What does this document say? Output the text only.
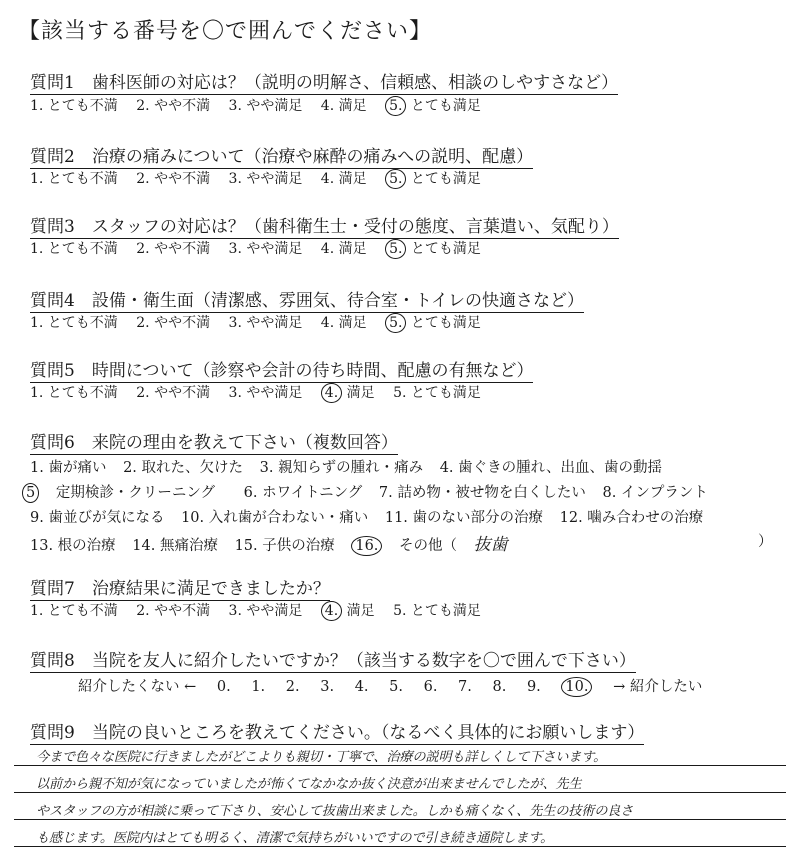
【該当する番号を〇で囲んでください】
質問1　歯科医師の対応は？（説明の明解さ、信頼感、相談のしやすさなど）
1. とても不満 2. やや不満 3. やや満足 4. 満足 5. とても満足
質問2　治療の痛みについて（治療や麻酔の痛みへの説明、配慮）
1. とても不満 2. やや不満 3. やや満足 4. 満足 5. とても満足
質問3　スタッフの対応は？（歯科衛生士・受付の態度、言葉遣い、気配り）
1. とても不満 2. やや不満 3. やや満足 4. 満足 5. とても満足
質問4　設備・衛生面（清潔感、雰囲気、待合室・トイレの快適さなど）
1. とても不満 2. やや不満 3. やや満足 4. 満足 5. とても満足
質問5　時間について（診察や会計の待ち時間、配慮の有無など）
1. とても不満 2. やや不満 3. やや満足 4. 満足 5. とても満足
質問6　来院の理由を教えて下さい（複数回答）
1. 歯が痛い 2. 取れた、欠けた 3. 親知らずの腫れ・痛み 4. 歯ぐきの腫れ、出血、歯の動揺
5 定期検診・クリーニング 6. ホワイトニング 7. 詰め物・被せ物を白くしたい 8. インプラント
9. 歯並びが気になる 10. 入れ歯が合わない・痛い 11. 歯のない部分の治療 12. 噛み合わせの治療
13. 根の治療 14. 無痛治療 15. 子供の治療 16. その他（ 抜歯	）
質問7　治療結果に満足できましたか？
1. とても不満 2. やや不満 3. やや満足 4. 満足 5. とても満足
質問8　当院を友人に紹介したいですか？（該当する数字を〇で囲んで下さい）
紹介したくない ← 0. 1. 2. 3. 4. 5. 6. 7. 8. 9. 10. → 紹介したい
質問9　当院の良いところを教えてください。（なるべく具体的にお願いします）
今まで色々な医院に行きましたがどこよりも親切・丁寧で、治療の説明も詳しくして下さいます。
以前から親不知が気になっていましたが怖くてなかなか抜く決意が出来ませんでしたが、先生
やスタッフの方が相談に乗って下さり、安心して抜歯出来ました。しかも痛くなく、先生の技術の良さ
も感じます。医院内はとても明るく、清潔で気持ちがいいですので引き続き通院します。
